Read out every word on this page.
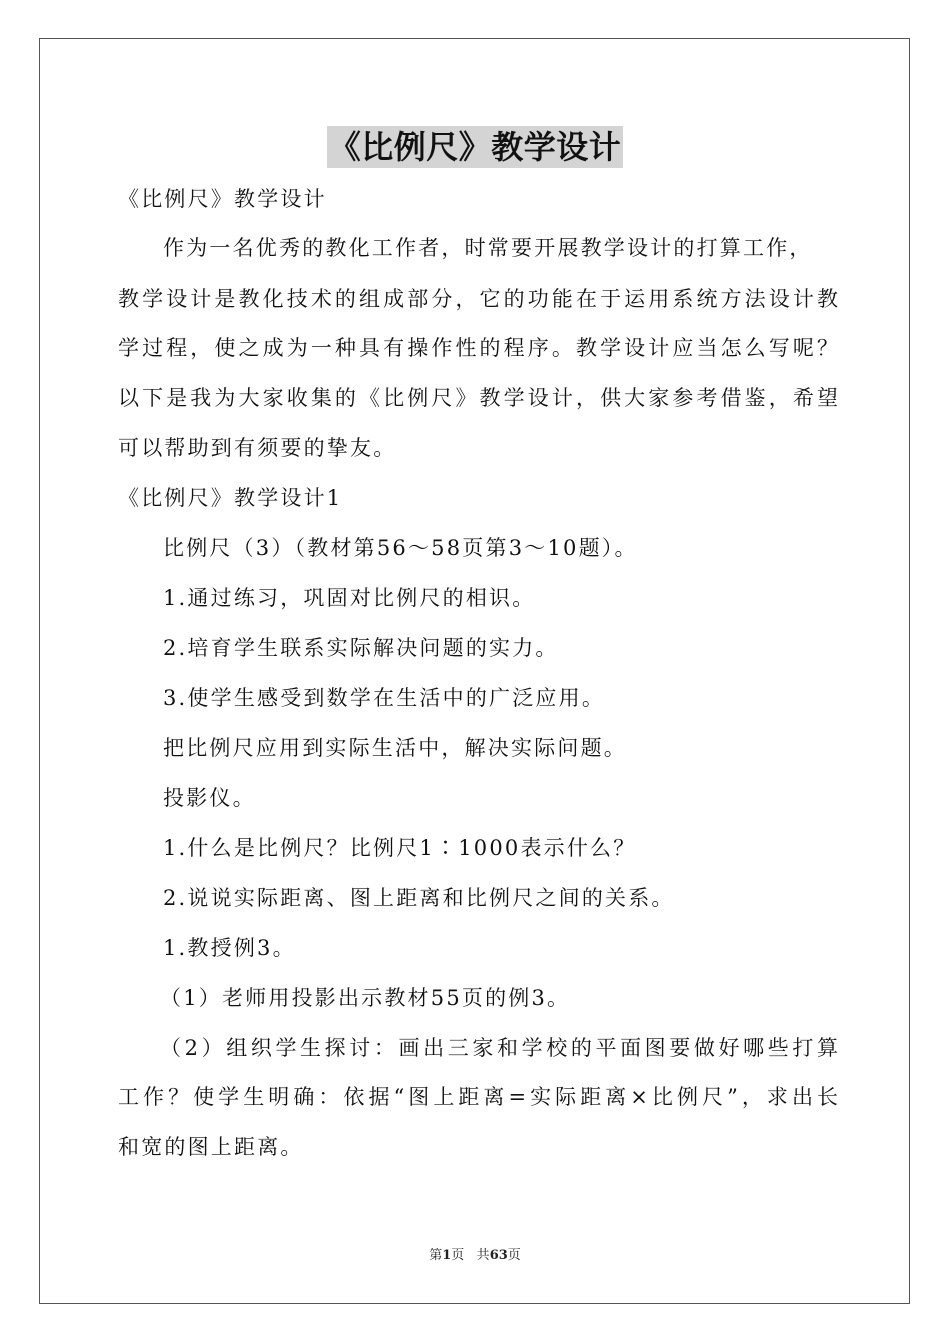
《比例尺》教学设计
《比例尺》教学设计
作为一名优秀的教化工作者，时常要开展教学设计的打算工作，
教学设计是教化技术的组成部分，它的功能在于运用系统方法设计教
学过程，使之成为一种具有操作性的程序。教学设计应当怎么写呢？
以下是我为大家收集的《比例尺》教学设计，供大家参考借鉴，希望
可以帮助到有须要的挚友。
《比例尺》教学设计1
比例尺（3）（教材第56～58页第3～10题）。
1.通过练习，巩固对比例尺的相识。
2.培育学生联系实际解决问题的实力。
3.使学生感受到数学在生活中的广泛应用。
把比例尺应用到实际生活中，解决实际问题。
投影仪。
1.什么是比例尺？比例尺1∶1000表示什么？
2.说说实际距离、图上距离和比例尺之间的关系。
1.教授例3。
（1）老师用投影出示教材55页的例3。
（2）组织学生探讨：画出三家和学校的平面图要做好哪些打算
工作？使学生明确：依据“图上距离=实际距离×比例尺”，求出长
和宽的图上距离。
第1页 共63页
